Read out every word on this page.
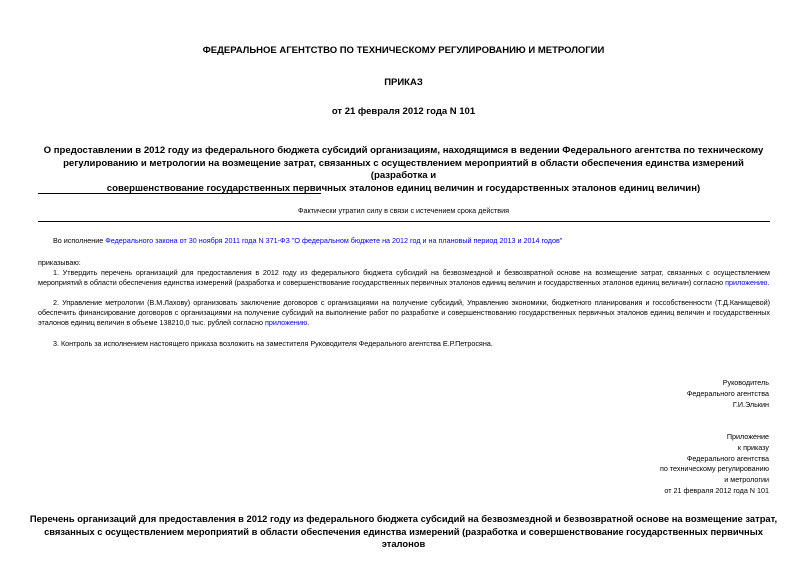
ФЕДЕРАЛЬНОЕ АГЕНТСТВО ПО ТЕХНИЧЕСКОМУ РЕГУЛИРОВАНИЮ И МЕТРОЛОГИИ
ПРИКАЗ
от 21 февраля 2012 года N 101
О предоставлении в 2012 году из федерального бюджета субсидий организациям, находящимся в ведении Федерального агентства по техническому
регулированию и метрологии на возмещение затрат, связанных с осуществлением мероприятий в области обеспечения единства измерений (разработка и
совершенствование государственных первичных эталонов единиц величин и государственных эталонов единиц величин)
Фактически утратил силу в связи с истечением срока действия
Во исполнение Федерального закона от 30 ноября 2011 года N 371-ФЗ "О федеральном бюджете на 2012 год и на плановый период 2013 и 2014 годов"
приказываю:
1. Утвердить перечень организаций для предоставления в 2012 году из федерального бюджета субсидий на безвозмездной и безвозвратной основе на возмещение затрат, связанных с осуществлением мероприятий в области обеспечения единства измерений (разработка и совершенствование государственных первичных эталонов единиц величин и государственных эталонов единиц величин) согласно приложению.
2. Управление метрологии (В.М.Лахову) организовать заключение договоров с организациями на получение субсидий, Управлению экономики, бюджетного планирования и госсобственности (Т.Д.Канищевой) обеспечить финансирование договоров с организациями на получение субсидий на выполнение работ по разработке и совершенствованию государственных первичных эталонов единиц величин и государственных эталонов единиц величин в объеме 138210,0 тыс. рублей согласно приложению.
3. Контроль за исполнением настоящего приказа возложить на заместителя Руководителя Федерального агентства Е.Р.Петросяна.
Руководитель
Федерального агентства
Г.И.Элькин
Приложение
к приказу
Федерального агентства
по техническому регулированию
и метрологии
от 21 февраля 2012 года N 101
Перечень организаций для предоставления в 2012 году из федерального бюджета субсидий на безвозмездной и безвозвратной основе на возмещение затрат,
связанных с осуществлением мероприятий в области обеспечения единства измерений (разработка и совершенствование государственных первичных эталонов
